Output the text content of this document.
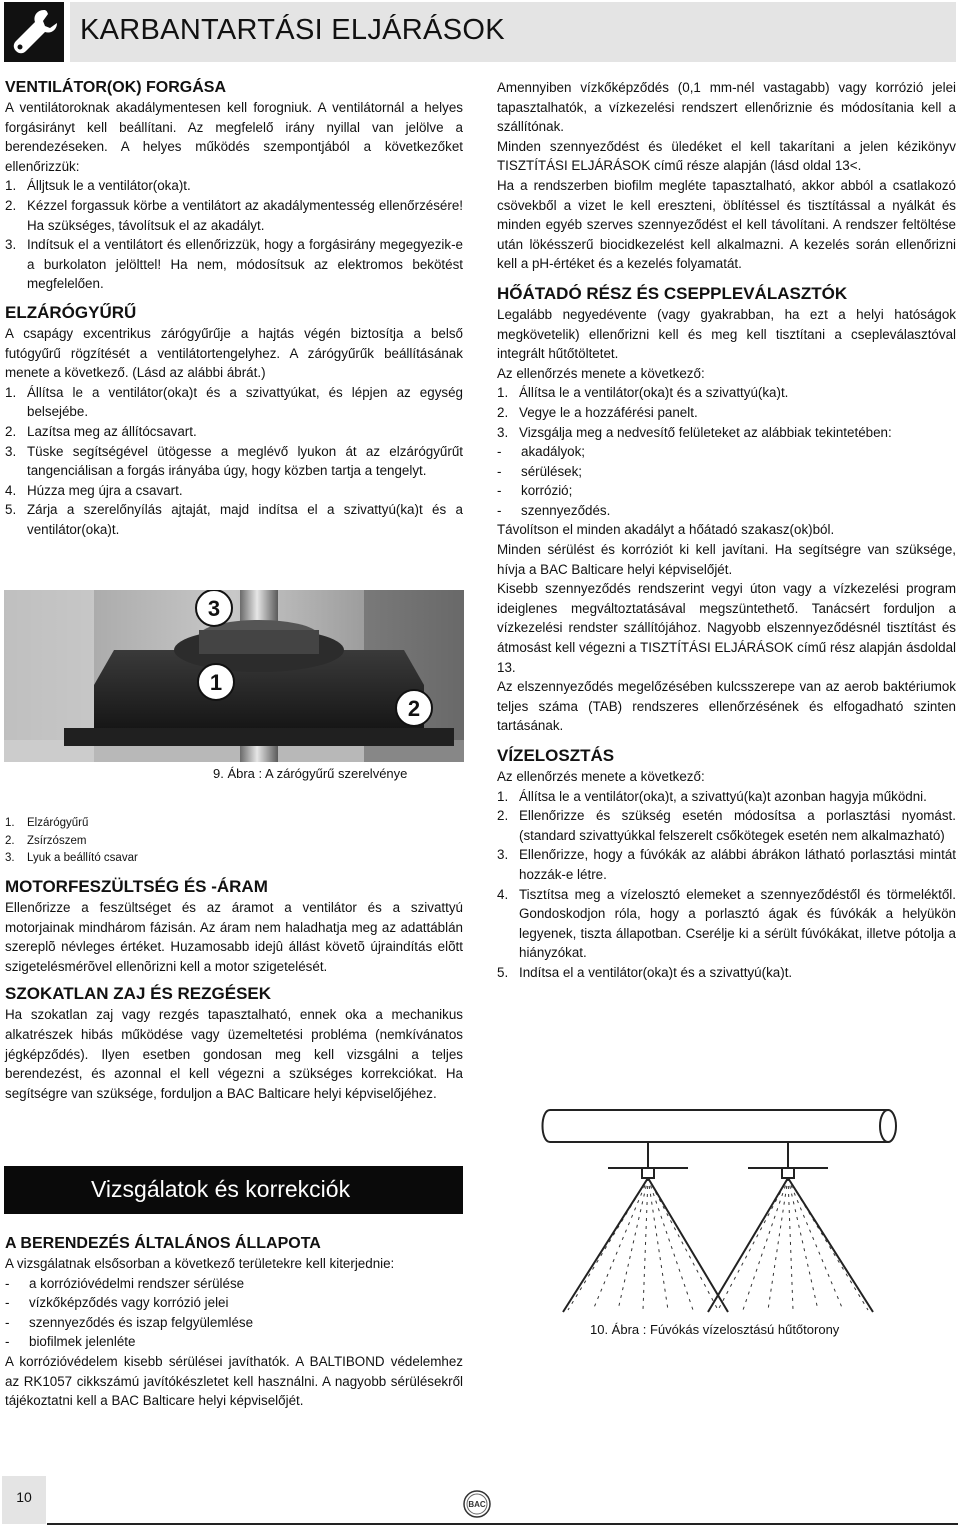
KARBANTARTÁSI ELJÁRÁSOK
VENTILÁTOR(OK) FORGÁSA

A ventilátoroknak akadálymentesen kell forogniuk. A ventilátornál a helyes forgásirányt kell beállítani. Az megfelelő irány nyillal van jelölve a berendezéseken. A helyes működés szempontjából a következőket ellenőrizzük:

1. Álljtsuk le a ventilátor(oka)t.
2. Kézzel forgassuk körbe a ventilátort az akadálymentesség ellenőrzésére! Ha szükséges, távolítsuk el az akadályt.
3. Indítsuk el a ventilátort és ellenőrizzük, hogy a forgásirány megegyezik-e a burkolaton jelölttel! Ha nem, módosítsuk az elektromos bekötést megfelelően.
ELZÁRÓGYŰRŰ

A csapágy excentrikus zárógyűrűje a hajtás végén biztosítja a belső futógyűrű rögzítését a ventilátortengelyhez. A zárógyűrűk beállításának menete a következő. (Lásd az alábbi ábrát.)

1. Állítsa le a ventilátor(oka)t és a szivattyúkat, és lépjen az egység belsejébe.
2. Lazítsa meg az állítócsavart.
3. Tüske segítségével ütögesse a meglévő lyukon át az elzárógyűrűt tangenciálisan a forgás irányába úgy, hogy közben tartja a tengelyt.
4. Húzza meg újra a csavart.
5. Zárja a szerelőnyílás ajtaját, majd indítsa el a szivattyú(ka)t és a ventilátor(oka)t.
3
1
2
9. Ábra : A zárógyűrű szerelvénye
1. Elzárógyűrű
2. Zsírzószem
3. Lyuk a beállító csavar
MOTORFESZÜLTSÉG ÉS -ÁRAM

Ellenőrizze a feszültséget és az áramot a ventilátor és a szivattyú motorjainak mindhárom fázisán. Az áram nem haladhatja meg az adattáblán szereplõ névleges értéket. Huzamosabb idejû állást követõ újraindítás elõtt szigetelésmérõvel ellenõrizni kell a motor szigetelését.

SZOKATLAN ZAJ ÉS REZGÉSEK

Ha szokatlan zaj vagy rezgés tapasztalható, ennek oka a mechanikus alkatrészek hibás működése vagy üzemeltetési probléma (nemkívánatos jégképződés). Ilyen esetben gondosan meg kell vizsgálni a teljes berendezést, és azonnal el kell végezni a szükséges korrekciókat. Ha segítségre van szüksége, forduljon a BAC Balticare helyi képviselőjéhez.

Vizsgálatok és korrekciók
A BERENDEZÉS ÁLTALÁNOS ÁLLAPOTA

A vizsgálatnak elsősorban a következő területekre kell kiterjednie:

- a korrózióvédelmi rendszer sérülése
- vízkőképződés vagy korrózió jelei
- szennyeződés és iszap felgyülemlése
- biofilmek jelenléte

A korrózióvédelem kisebb sérülései javíthatók. A BALTIBOND védelemhez az RK1057 cikkszámú javítókészletet kell használni. A nagyobb sérülésekről tájékoztatni kell a BAC Balticare helyi képviselőjét.

Amennyiben vízkőképződés (0,1 mm-nél vastagabb) vagy korrózió jelei tapasztalhatók, a vízkezelési rendszert ellenőriznie és módosítania kell a szállítónak.

Minden szennyeződést és üledéket el kell takarítani a jelen kézikönyv TISZTÍTÁSI ELJÁRÁSOK című része alapján (lásd oldal 13<.

Ha a rendszerben biofilm megléte tapasztalható, akkor abból a csatlakozó csövekből a vizet le kell ereszteni, öblítéssel és tisztítással a nyálkát és minden egyéb szerves szennyeződést el kell távolítani. A rendszer feltöltése után lökésszerű biocidkezelést kell alkalmazni. A kezelés során ellenőrizni kell a pH-értéket és a kezelés folyamatát.

HŐÁTADÓ RÉSZ ÉS CSEPPLEVÁLASZTÓK

Legalább negyedévente (vagy gyakrabban, ha ezt a helyi hatóságok megkövetelik) ellenőrizni kell és meg kell tisztítani a csepleválasztóval integrált hűtőtöltetet.

Az ellenőrzés menete a következő:

1. Állítsa le a ventilátor(oka)t és a szivattyú(ka)t.
2. Vegye le a hozzáférési panelt.
3. Vizsgálja meg a nedvesítő felületeket az alábbiak tekintetében:
- akadályok;
- sérülések;
- korrózió;
- szennyeződés.

Távolítson el minden akadályt a hőátadó szakasz(ok)ból.

Minden sérülést és korróziót ki kell javítani. Ha segítségre van szüksége, hívja a BAC Balticare helyi képviselőjét.

Kisebb szennyeződés rendszerint vegyi úton vagy a vízkezelési program ideiglenes megváltoztatásával megszüntethető. Tanácsért forduljon a vízkezelési rendster szállítójához. Nagyobb elszennyeződésnél tisztítást és átmosást kell végezni a TISZTÍTÁSI ELJÁRÁSOK című rész alapján ásdoldal 13.

Az elszennyeződés megelőzésében kulcsszerepe van az aerob baktériumok teljes száma (TAB) rendszeres ellenőrzésének és elfogadható szinten tartásának.

VÍZELOSZTÁS

Az ellenőrzés menete a következő:

1. Állítsa le a ventilátor(oka)t, a szivattyú(ka)t azonban hagyja működni.
2. Ellenőrizze és szükség esetén módosítsa a porlasztási nyomást. (standard szivattyúkkal felszerelt csőkötegek esetén nem alkalmazható)
3. Ellenőrizze, hogy a fúvókák az alábbi ábrákon látható porlasztási mintát hozzák-e létre.
4. Tisztítsa meg a vízelosztó elemeket a szennyeződéstől és törmeléktől. Gondoskodjon róla, hogy a porlasztó ágak és fúvókák a helyükön legyenek, tiszta állapotban. Cserélje ki a sérült fúvókákat, illetve pótolja a hiányzókat.
5. Indítsa el a ventilátor(oka)t és a szivattyú(ka)t.
10. Ábra : Fúvókás vízelosztású hűtőtorony
10	BAC
